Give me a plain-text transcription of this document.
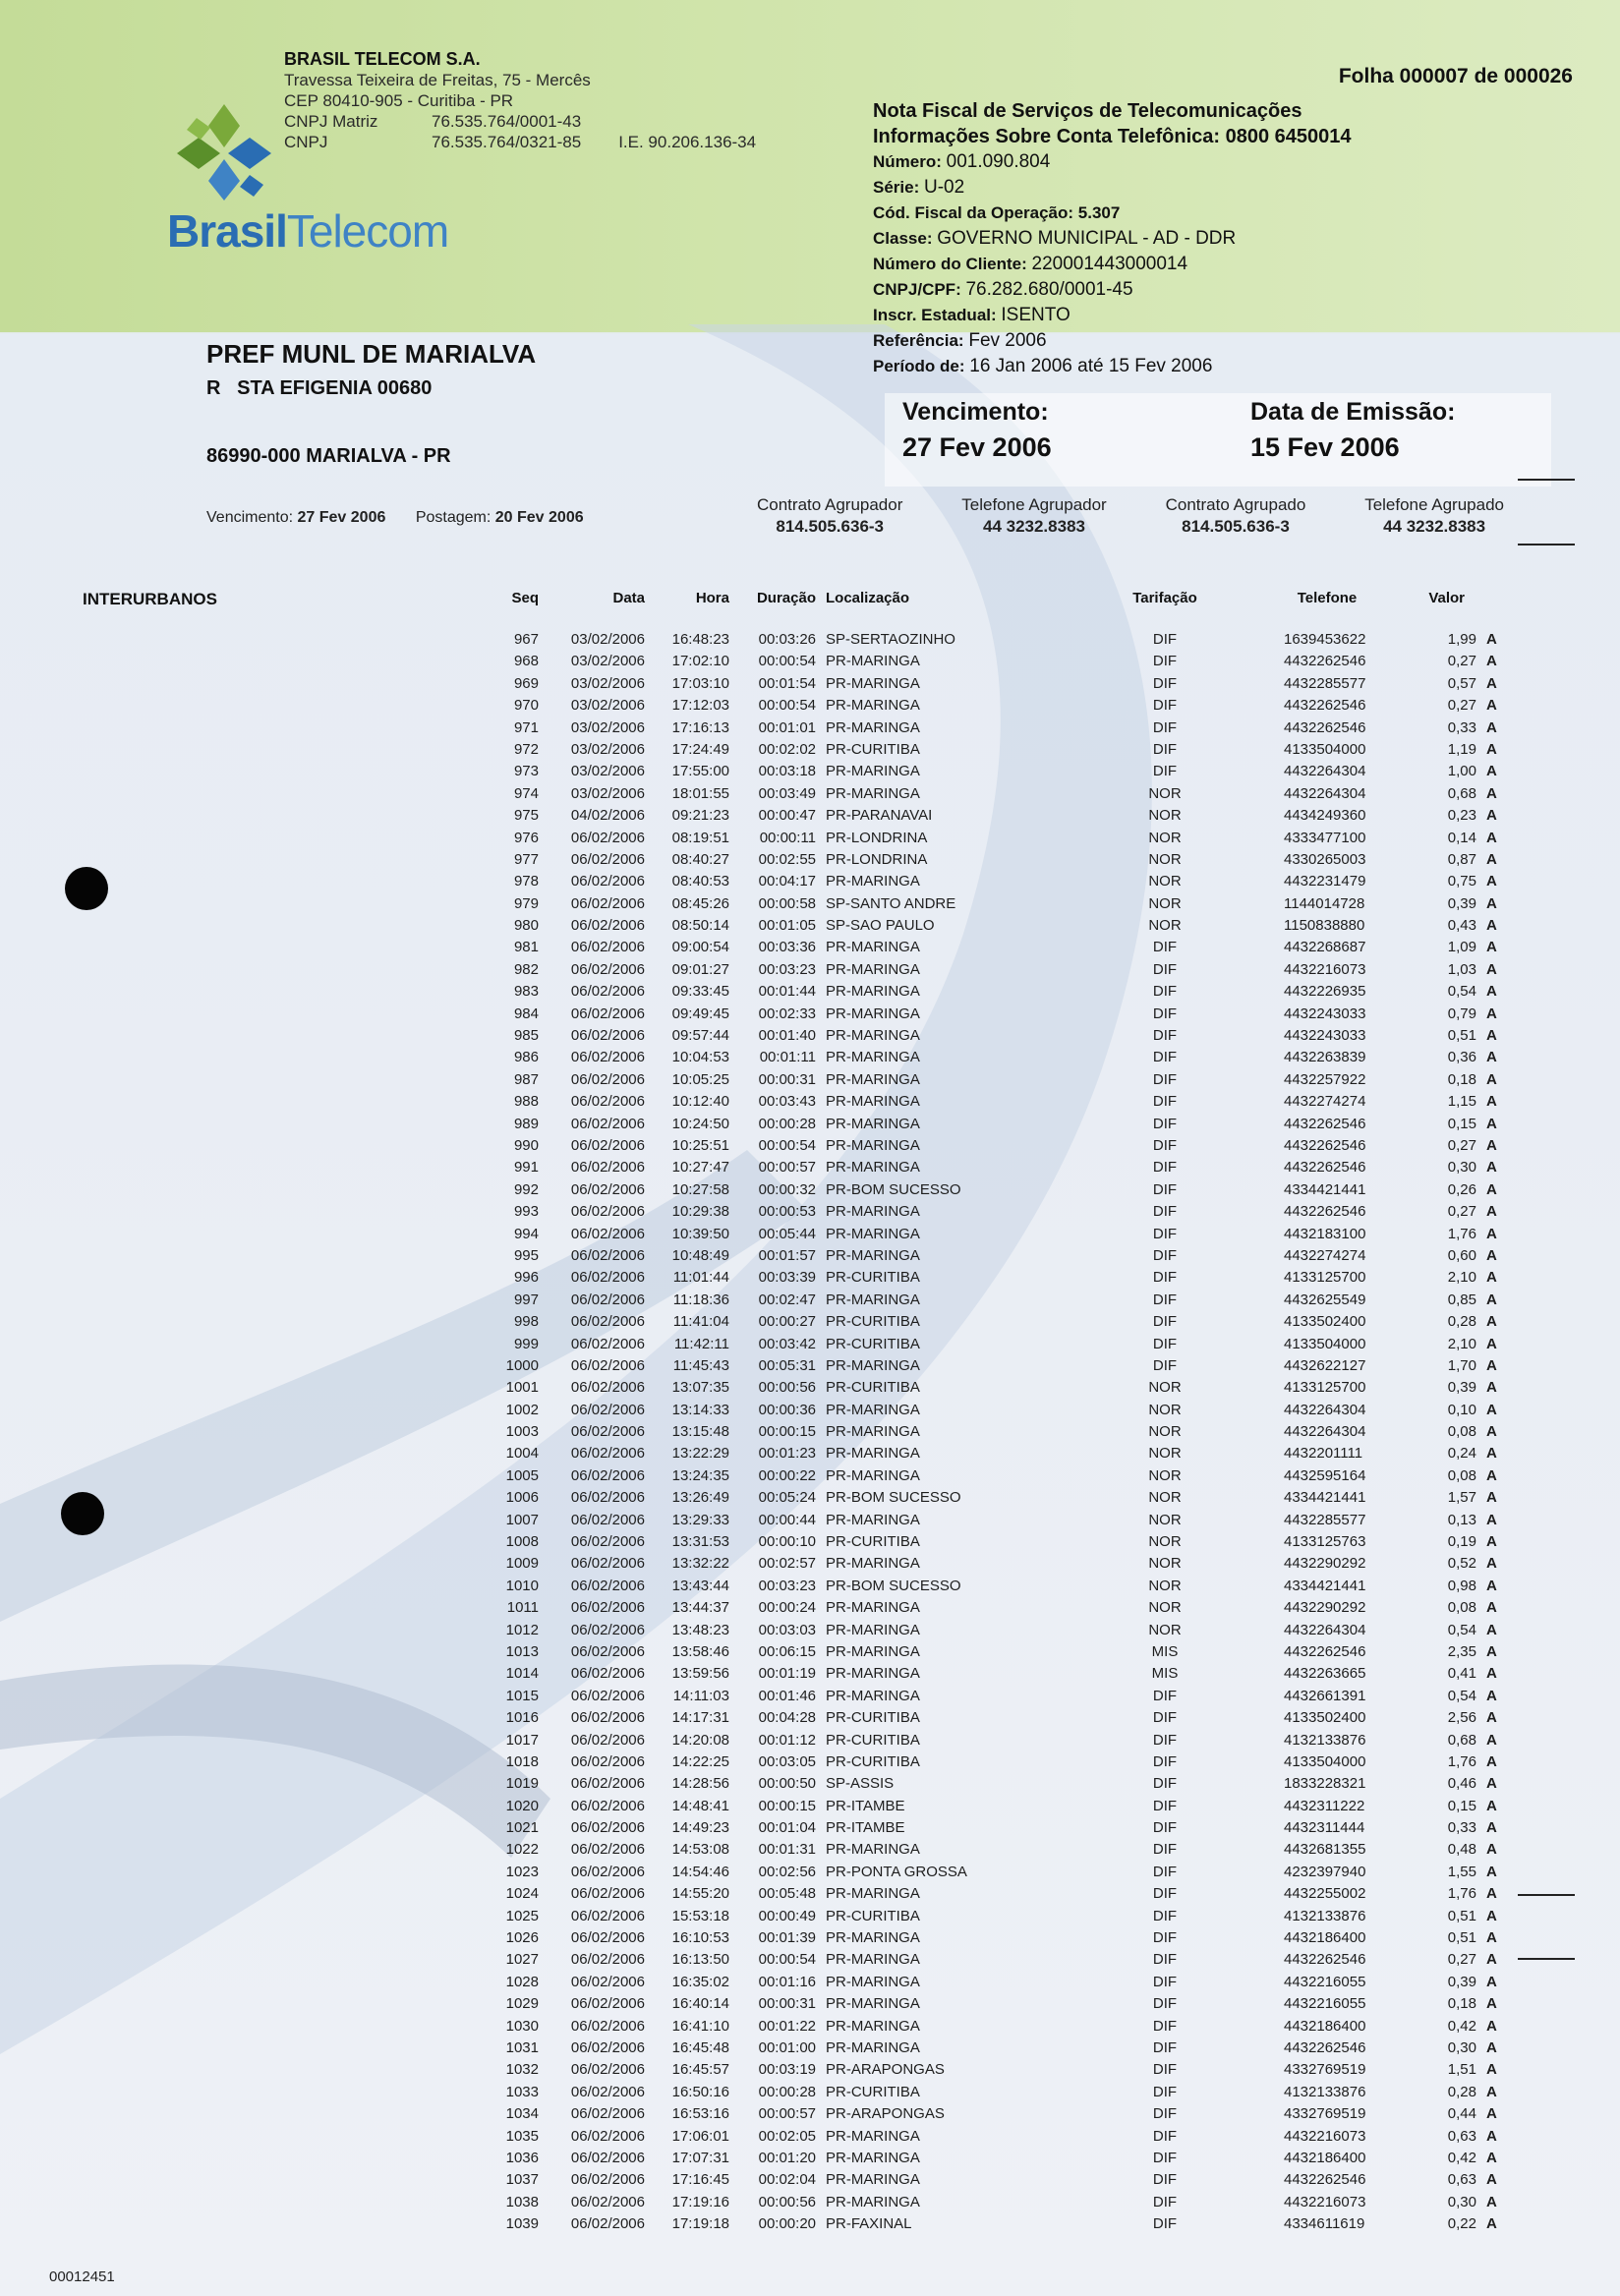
BRASIL TELECOM S.A.
Travessa Teixeira de Freitas, 75 - Mercês
CEP 80410-905 - Curitiba - PR
CNPJ Matriz	76.535.764/0001-43
CNPJ	76.535.764/0321-85 I.E. 90.206.136-34
BrasilTelecom
Folha 000007 de 000026
Nota Fiscal de Serviços de Telecomunicações
Informações Sobre Conta Telefônica: 0800 6450014
Número: 001.090.804
Série: U-02
Cód. Fiscal da Operação: 5.307
Classe: GOVERNO MUNICIPAL - AD - DDR
Número do Cliente: 220001443000014
CNPJ/CPF: 76.282.680/0001-45
Inscr. Estadual: ISENTO
Referência: Fev 2006
Período de: 16 Jan 2006 até 15 Fev 2006
PREF MUNL DE MARIALVA
R   STA EFIGENIA 00680
86990-000 MARIALVA - PR
Vencimento: 27 Fev 2006 Postagem: 20 Fev 2006
Vencimento:
27 Fev 2006
Data de Emissão:
15 Fev 2006
Contrato Agrupador
814.505.636-3
Telefone Agrupador
44 3232.8383
Contrato Agrupado
814.505.636-3
Telefone Agrupado
44 3232.8383
INTERURBANOS	Seq	Data	Hora	Duração Localização	Tarifação	Telefone	Valor
967	03/02/2006	16:48:23	00:03:26 SP-SERTAOZINHO	DIF	1639453622	1,99 A
968	03/02/2006	17:02:10	00:00:54 PR-MARINGA	DIF	4432262546	0,27 A
969	03/02/2006	17:03:10	00:01:54 PR-MARINGA	DIF	4432285577	0,57 A
970	03/02/2006	17:12:03	00:00:54 PR-MARINGA	DIF	4432262546	0,27 A
971	03/02/2006	17:16:13	00:01:01 PR-MARINGA	DIF	4432262546	0,33 A
972	03/02/2006	17:24:49	00:02:02 PR-CURITIBA	DIF	4133504000	1,19 A
973	03/02/2006	17:55:00	00:03:18 PR-MARINGA	DIF	4432264304	1,00 A
974	03/02/2006	18:01:55	00:03:49 PR-MARINGA	NOR	4432264304	0,68 A
975	04/02/2006	09:21:23	00:00:47 PR-PARANAVAI	NOR	4434249360	0,23 A
976	06/02/2006	08:19:51	00:00:11 PR-LONDRINA	NOR	4333477100	0,14 A
977	06/02/2006	08:40:27	00:02:55 PR-LONDRINA	NOR	4330265003	0,87 A
978	06/02/2006	08:40:53	00:04:17 PR-MARINGA	NOR	4432231479	0,75 A
979	06/02/2006	08:45:26	00:00:58 SP-SANTO ANDRE	NOR	1144014728	0,39 A
980	06/02/2006	08:50:14	00:01:05 SP-SAO PAULO	NOR	1150838880	0,43 A
981	06/02/2006	09:00:54	00:03:36 PR-MARINGA	DIF	4432268687	1,09 A
982	06/02/2006	09:01:27	00:03:23 PR-MARINGA	DIF	4432216073	1,03 A
983	06/02/2006	09:33:45	00:01:44 PR-MARINGA	DIF	4432226935	0,54 A
984	06/02/2006	09:49:45	00:02:33 PR-MARINGA	DIF	4432243033	0,79 A
985	06/02/2006	09:57:44	00:01:40 PR-MARINGA	DIF	4432243033	0,51 A
986	06/02/2006	10:04:53	00:01:11 PR-MARINGA	DIF	4432263839	0,36 A
987	06/02/2006	10:05:25	00:00:31 PR-MARINGA	DIF	4432257922	0,18 A
988	06/02/2006	10:12:40	00:03:43 PR-MARINGA	DIF	4432274274	1,15 A
989	06/02/2006	10:24:50	00:00:28 PR-MARINGA	DIF	4432262546	0,15 A
990	06/02/2006	10:25:51	00:00:54 PR-MARINGA	DIF	4432262546	0,27 A
991	06/02/2006	10:27:47	00:00:57 PR-MARINGA	DIF	4432262546	0,30 A
992	06/02/2006	10:27:58	00:00:32 PR-BOM SUCESSO	DIF	4334421441	0,26 A
993	06/02/2006	10:29:38	00:00:53 PR-MARINGA	DIF	4432262546	0,27 A
994	06/02/2006	10:39:50	00:05:44 PR-MARINGA	DIF	4432183100	1,76 A
995	06/02/2006	10:48:49	00:01:57 PR-MARINGA	DIF	4432274274	0,60 A
996	06/02/2006	11:01:44	00:03:39 PR-CURITIBA	DIF	4133125700	2,10 A
997	06/02/2006	11:18:36	00:02:47 PR-MARINGA	DIF	4432625549	0,85 A
998	06/02/2006	11:41:04	00:00:27 PR-CURITIBA	DIF	4133502400	0,28 A
999	06/02/2006	11:42:11	00:03:42 PR-CURITIBA	DIF	4133504000	2,10 A
1000	06/02/2006	11:45:43	00:05:31 PR-MARINGA	DIF	4432622127	1,70 A
1001	06/02/2006	13:07:35	00:00:56 PR-CURITIBA	NOR	4133125700	0,39 A
1002	06/02/2006	13:14:33	00:00:36 PR-MARINGA	NOR	4432264304	0,10 A
1003	06/02/2006	13:15:48	00:00:15 PR-MARINGA	NOR	4432264304	0,08 A
1004	06/02/2006	13:22:29	00:01:23 PR-MARINGA	NOR	4432201111	0,24 A
1005	06/02/2006	13:24:35	00:00:22 PR-MARINGA	NOR	4432595164	0,08 A
1006	06/02/2006	13:26:49	00:05:24 PR-BOM SUCESSO	NOR	4334421441	1,57 A
1007	06/02/2006	13:29:33	00:00:44 PR-MARINGA	NOR	4432285577	0,13 A
1008	06/02/2006	13:31:53	00:00:10 PR-CURITIBA	NOR	4133125763	0,19 A
1009	06/02/2006	13:32:22	00:02:57 PR-MARINGA	NOR	4432290292	0,52 A
1010	06/02/2006	13:43:44	00:03:23 PR-BOM SUCESSO	NOR	4334421441	0,98 A
1011	06/02/2006	13:44:37	00:00:24 PR-MARINGA	NOR	4432290292	0,08 A
1012	06/02/2006	13:48:23	00:03:03 PR-MARINGA	NOR	4432264304	0,54 A
1013	06/02/2006	13:58:46	00:06:15 PR-MARINGA	MIS	4432262546	2,35 A
1014	06/02/2006	13:59:56	00:01:19 PR-MARINGA	MIS	4432263665	0,41 A
1015	06/02/2006	14:11:03	00:01:46 PR-MARINGA	DIF	4432661391	0,54 A
1016	06/02/2006	14:17:31	00:04:28 PR-CURITIBA	DIF	4133502400	2,56 A
1017	06/02/2006	14:20:08	00:01:12 PR-CURITIBA	DIF	4132133876	0,68 A
1018	06/02/2006	14:22:25	00:03:05 PR-CURITIBA	DIF	4133504000	1,76 A
1019	06/02/2006	14:28:56	00:00:50 SP-ASSIS	DIF	1833228321	0,46 A
1020	06/02/2006	14:48:41	00:00:15 PR-ITAMBE	DIF	4432311222	0,15 A
1021	06/02/2006	14:49:23	00:01:04 PR-ITAMBE	DIF	4432311444	0,33 A
1022	06/02/2006	14:53:08	00:01:31 PR-MARINGA	DIF	4432681355	0,48 A
1023	06/02/2006	14:54:46	00:02:56 PR-PONTA GROSSA	DIF	4232397940	1,55 A
1024	06/02/2006	14:55:20	00:05:48 PR-MARINGA	DIF	4432255002	1,76 A
1025	06/02/2006	15:53:18	00:00:49 PR-CURITIBA	DIF	4132133876	0,51 A
1026	06/02/2006	16:10:53	00:01:39 PR-MARINGA	DIF	4432186400	0,51 A
1027	06/02/2006	16:13:50	00:00:54 PR-MARINGA	DIF	4432262546	0,27 A
1028	06/02/2006	16:35:02	00:01:16 PR-MARINGA	DIF	4432216055	0,39 A
1029	06/02/2006	16:40:14	00:00:31 PR-MARINGA	DIF	4432216055	0,18 A
1030	06/02/2006	16:41:10	00:01:22 PR-MARINGA	DIF	4432186400	0,42 A
1031	06/02/2006	16:45:48	00:01:00 PR-MARINGA	DIF	4432262546	0,30 A
1032	06/02/2006	16:45:57	00:03:19 PR-ARAPONGAS	DIF	4332769519	1,51 A
1033	06/02/2006	16:50:16	00:00:28 PR-CURITIBA	DIF	4132133876	0,28 A
1034	06/02/2006	16:53:16	00:00:57 PR-ARAPONGAS	DIF	4332769519	0,44 A
1035	06/02/2006	17:06:01	00:02:05 PR-MARINGA	DIF	4432216073	0,63 A
1036	06/02/2006	17:07:31	00:01:20 PR-MARINGA	DIF	4432186400	0,42 A
1037	06/02/2006	17:16:45	00:02:04 PR-MARINGA	DIF	4432262546	0,63 A
1038	06/02/2006	17:19:16	00:00:56 PR-MARINGA	DIF	4432216073	0,30 A
1039	06/02/2006	17:19:18	00:00:20 PR-FAXINAL	DIF	4334611619	0,22 A
00012451
